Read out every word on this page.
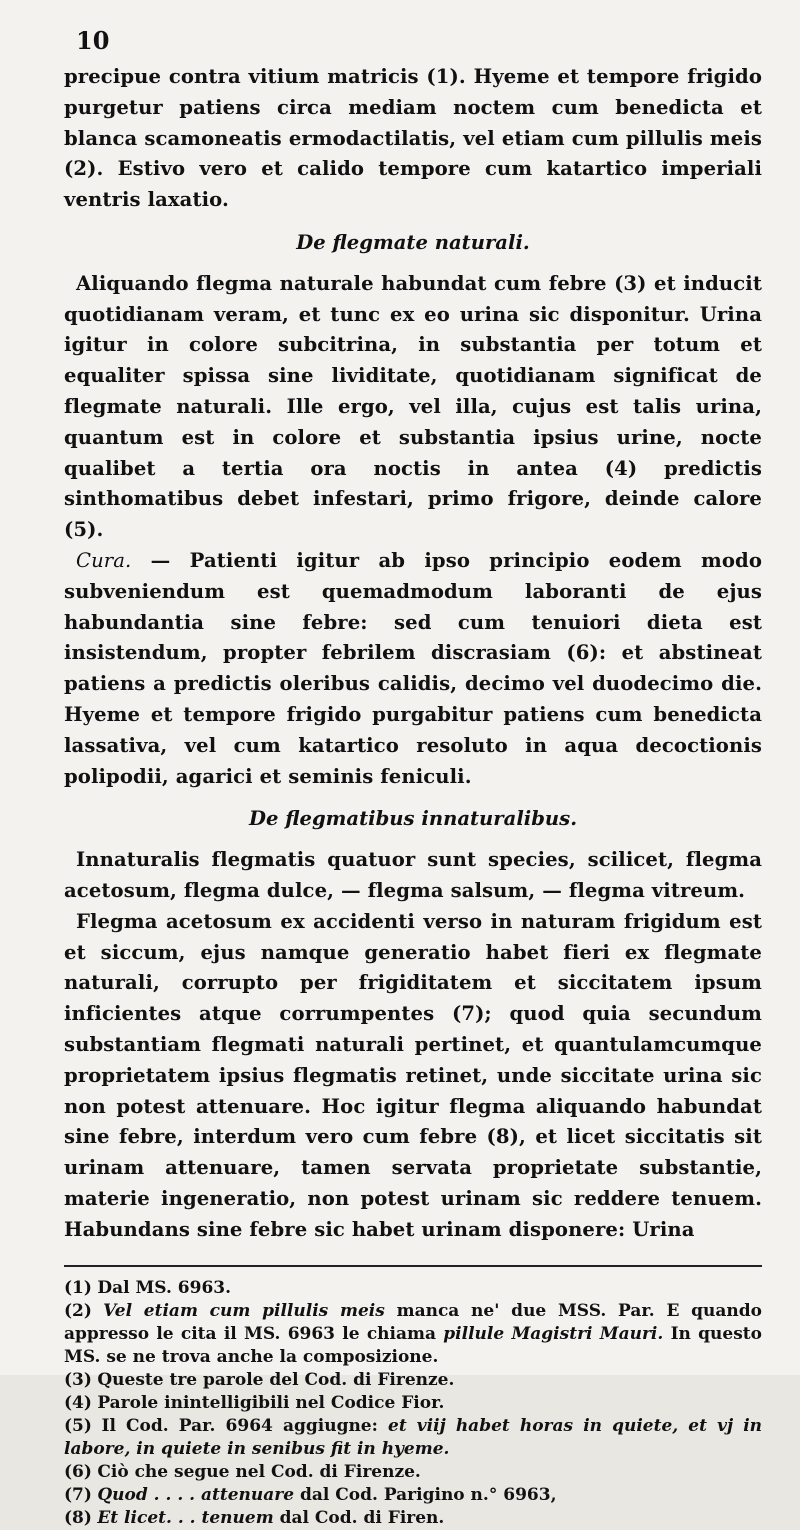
10

precipue contra vitium matricis (1). Hyeme et tempore frigido purgetur patiens circa mediam noctem cum benedicta et blanca scamoneatis ermodactilatis, vel etiam cum pillulis meis (2). Estivo vero et calido tempore cum katartico imperiali ventris laxatio.

De flegmate naturali.

Aliquando flegma naturale habundat cum febre (3) et inducit quotidianam veram, et tunc ex eo urina sic disponitur. Urina igitur in colore subcitrina, in substantia per totum et equaliter spissa sine lividitate, quotidianam significat de flegmate naturali. Ille ergo, vel illa, cujus est talis urina, quantum est in colore et substantia ipsius urine, nocte qualibet a tertia ora noctis in antea (4) predictis sinthomatibus debet infestari, primo frigore, deinde calore (5).

Cura. — Patienti igitur ab ipso principio eodem modo subveniendum est quemadmodum laboranti de ejus habundantia sine febre: sed cum tenuiori dieta est insistendum, propter febrilem discrasiam (6): et abstineat patiens a predictis oleribus calidis, decimo vel duodecimo die. Hyeme et tempore frigido purgabitur patiens cum benedicta lassativa, vel cum katartico resoluto in aqua decoctionis polipodii, agarici et seminis feniculi.

De flegmatibus innaturalibus.

Innaturalis flegmatis quatuor sunt species, scilicet, flegma acetosum, flegma dulce, — flegma salsum, — flegma vitreum.

Flegma acetosum ex accidenti verso in naturam frigidum est et siccum, ejus namque generatio habet fieri ex flegmate naturali, corrupto per frigiditatem et siccitatem ipsum inficientes atque corrumpentes (7); quod quia secundum substantiam flegmati naturali pertinet, et quantulamcumque proprietatem ipsius flegmatis retinet, unde siccitate urina sic non potest attenuare. Hoc igitur flegma aliquando habundat sine febre, interdum vero cum febre (8), et licet siccitatis sit urinam attenuare, tamen servata proprietate substantie, materie ingeneratio, non potest urinam sic reddere tenuem. Habundans sine febre sic habet urinam disponere: Urina

(1) Dal MS. 6963.

(2) Vel etiam cum pillulis meis manca ne' due MSS. Par. E quando appresso le cita il MS. 6963 le chiama pillule Magistri Mauri. In questo MS. se ne trova anche la composizione.

(3) Queste tre parole del Cod. di Firenze.

(4) Parole inintelligibili nel Codice Fior.

(5) Il Cod. Par. 6964 aggiugne: et viij habet horas in quiete, et vj in labore, in quiete in senibus fit in hyeme.

(6) Ciò che segue nel Cod. di Firenze.

(7) Quod . . . . attenuare dal Cod. Parigino n.° 6963,

(8) Et licet. . . tenuem dal Cod. di Firen.
